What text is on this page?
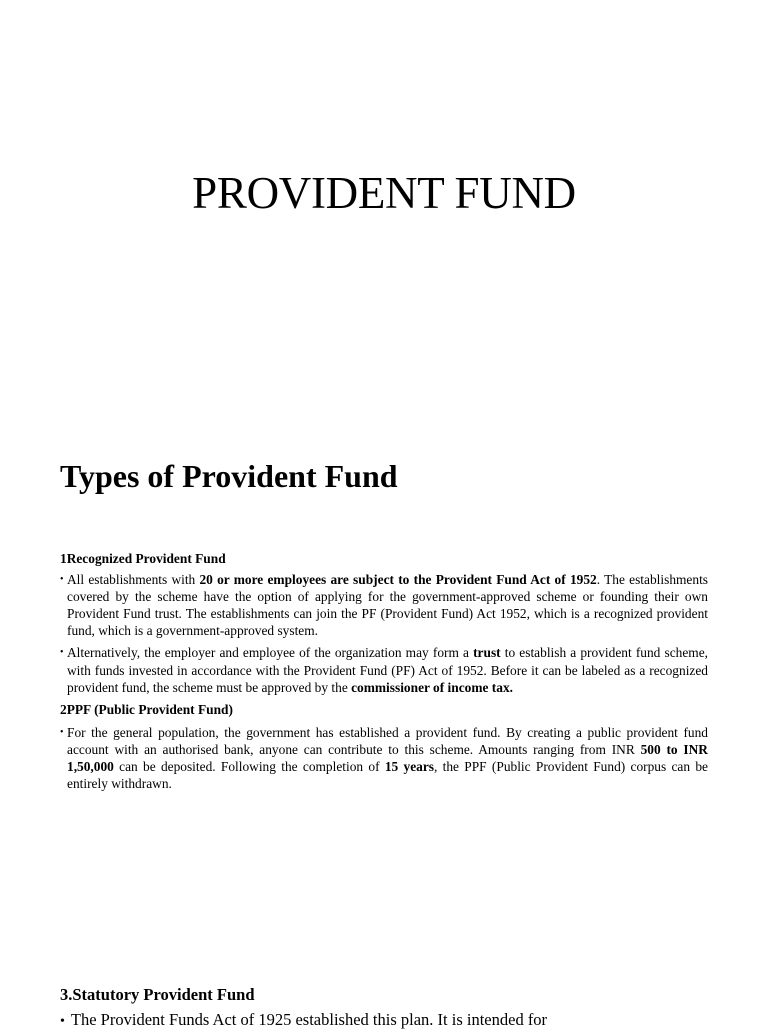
PROVIDENT FUND
Types of Provident Fund

1Recognized Provident Fund

• All establishments with 20 or more employees are subject to the Provident Fund Act of 1952. The establishments covered by the scheme have the option of applying for the government-approved scheme or founding their own Provident Fund trust. The establishments can join the PF (Provident Fund) Act 1952, which is a recognized provident fund, which is a government-approved system.
• Alternatively, the employer and employee of the organization may form a trust to establish a provident fund scheme, with funds invested in accordance with the Provident Fund (PF) Act of 1952. Before it can be labeled as a recognized provident fund, the scheme must be approved by the commissioner of income tax.

2PPF (Public Provident Fund)

• For the general population, the government has established a provident fund. By creating a public provident fund account with an authorised bank, anyone can contribute to this scheme. Amounts ranging from INR 500 to INR 1,50,000 can be deposited. Following the completion of 15 years, the PPF (Public Provident Fund) corpus can be entirely withdrawn.
3.Statutory Provident Fund
• The Provident Funds Act of 1925 established this plan. It is intended for
